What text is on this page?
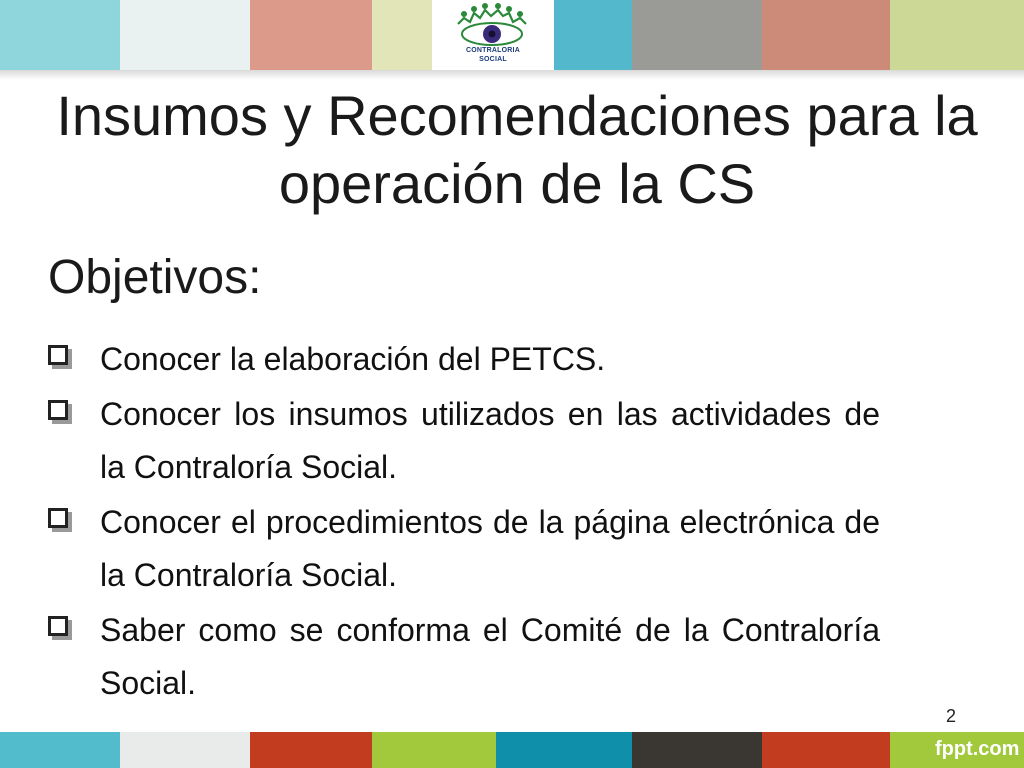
CONTRALORIA
SOCIAL
Insumos y Recomendaciones para la operación de la CS
Objetivos:
Conocer la elaboración del PETCS.
Conocer los insumos utilizados en las actividades de la Contraloría Social.
Conocer el procedimientos de la página electrónica de la Contraloría Social.
Saber como se conforma el Comité de la Contraloría Social.
2
fppt.com
